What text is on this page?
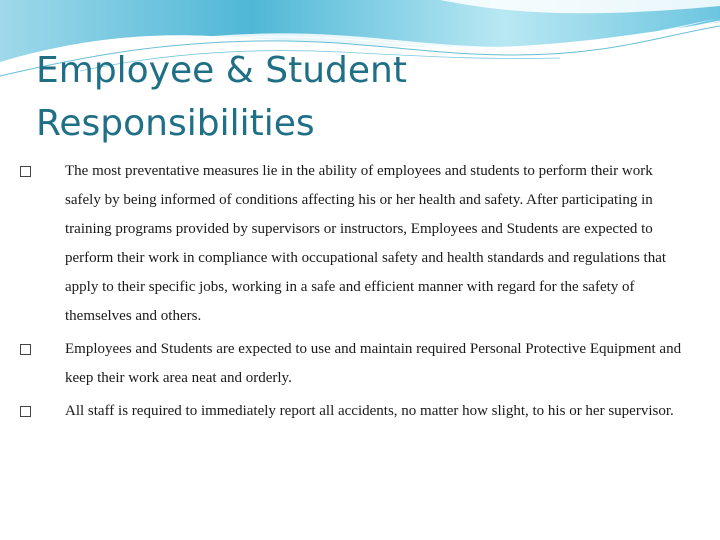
Employee & Student
Responsibilities
The most preventative measures lie in the ability of employees and students to perform their work safely by being informed of conditions affecting his or her health and safety. After participating in training programs provided by supervisors or instructors, Employees and Students are expected to perform their work in compliance with occupational safety and health standards and regulations that apply to their specific jobs, working in a safe and efficient manner with regard for the safety of themselves and others.
Employees and Students are expected to use and maintain required Personal Protective Equipment and keep their work area neat and orderly.
All staff is required to immediately report all accidents, no matter how slight, to his or her supervisor.
